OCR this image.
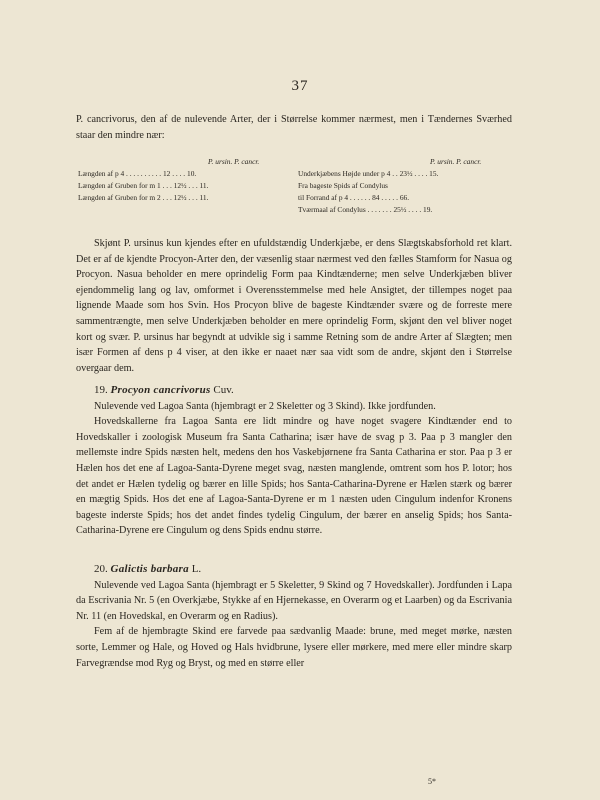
37

P. cancrivorus, den af de nulevende Arter, der i Størrelse kommer nærmest, men i Tændernes Sværhed staar den mindre nær:

P. ursin. P. cancr.
Længden af p 4 . . . . . . . . . . 12 . . . . 10.
Længden af Gruben for m 1 . . . 12½ . . . 11.
Længden af Gruben for m 2 . . . 12½ . . . 11.
P. ursin. P. cancr.
Underkjæbens Højde under p 4 . . 23½ . . . . 15.
Fra bageste Spids af Condylus
til Forrand af p 4 . . . . . . 84 . . . . . 66.
Tværmaal af Condylus . . . . . . . 25½ . . . . 19.

Skjønt P. ursinus kun kjendes efter en ufuldstændig Underkjæbe, er dens Slægtskabsforhold ret klart. Det er af de kjendte Procyon-Arter den, der væsenlig staar nærmest ved den fælles Stamform for Nasua og Procyon. Nasua beholder en mere oprindelig Form paa Kindtænderne; men selve Underkjæben bliver ejendommelig lang og lav, omformet i Overensstemmelse med hele Ansigtet, der tillempes noget paa lignende Maade som hos Svin. Hos Procyon blive de bageste Kindtænder svære og de forreste mere sammentrængte, men selve Underkjæben beholder en mere oprindelig Form, skjønt den vel bliver noget kort og svær. P. ursinus har begyndt at udvikle sig i samme Retning som de andre Arter af Slægten; men især Formen af dens p 4 viser, at den ikke er naaet nær saa vidt som de andre, skjønt den i Størrelse overgaar dem.

19. Procyon cancrivorus Cuv.

Nulevende ved Lagoa Santa (hjembragt er 2 Skeletter og 3 Skind). Ikke jordfunden.

Hovedskallerne fra Lagoa Santa ere lidt mindre og have noget svagere Kindtænder end to Hovedskaller i zoologisk Museum fra Santa Catharina; især have de svag p 3. Paa p 3 mangler den mellemste indre Spids næsten helt, medens den hos Vaskebjørnene fra Santa Catharina er stor. Paa p 3 er Hælen hos det ene af Lagoa-Santa-Dyrene meget svag, næsten manglende, omtrent som hos P. lotor; hos det andet er Hælen tydelig og bærer en lille Spids; hos Santa-Catharina-Dyrene er Hælen stærk og bærer en mægtig Spids. Hos det ene af Lagoa-Santa-Dyrene er m 1 næsten uden Cingulum indenfor Kronens bageste inderste Spids; hos det andet findes tydelig Cingulum, der bærer en anselig Spids; hos Santa-Catharina-Dyrene ere Cingulum og dens Spids endnu større.

20. Galictis barbara L.

Nulevende ved Lagoa Santa (hjembragt er 5 Skeletter, 9 Skind og 7 Hovedskaller). Jordfunden i Lapa da Escrivania Nr. 5 (en Overkjæbe, Stykke af en Hjernekasse, en Overarm og et Laarben) og da Escrivania Nr. 11 (en Hovedskal, en Overarm og en Radius).

Fem af de hjembragte Skind ere farvede paa sædvanlig Maade: brune, med meget mørke, næsten sorte, Lemmer og Hale, og Hoved og Hals hvidbrune, lysere eller mørkere, med mere eller mindre skarp Farvegrændse mod Ryg og Bryst, og med en større eller

5*
